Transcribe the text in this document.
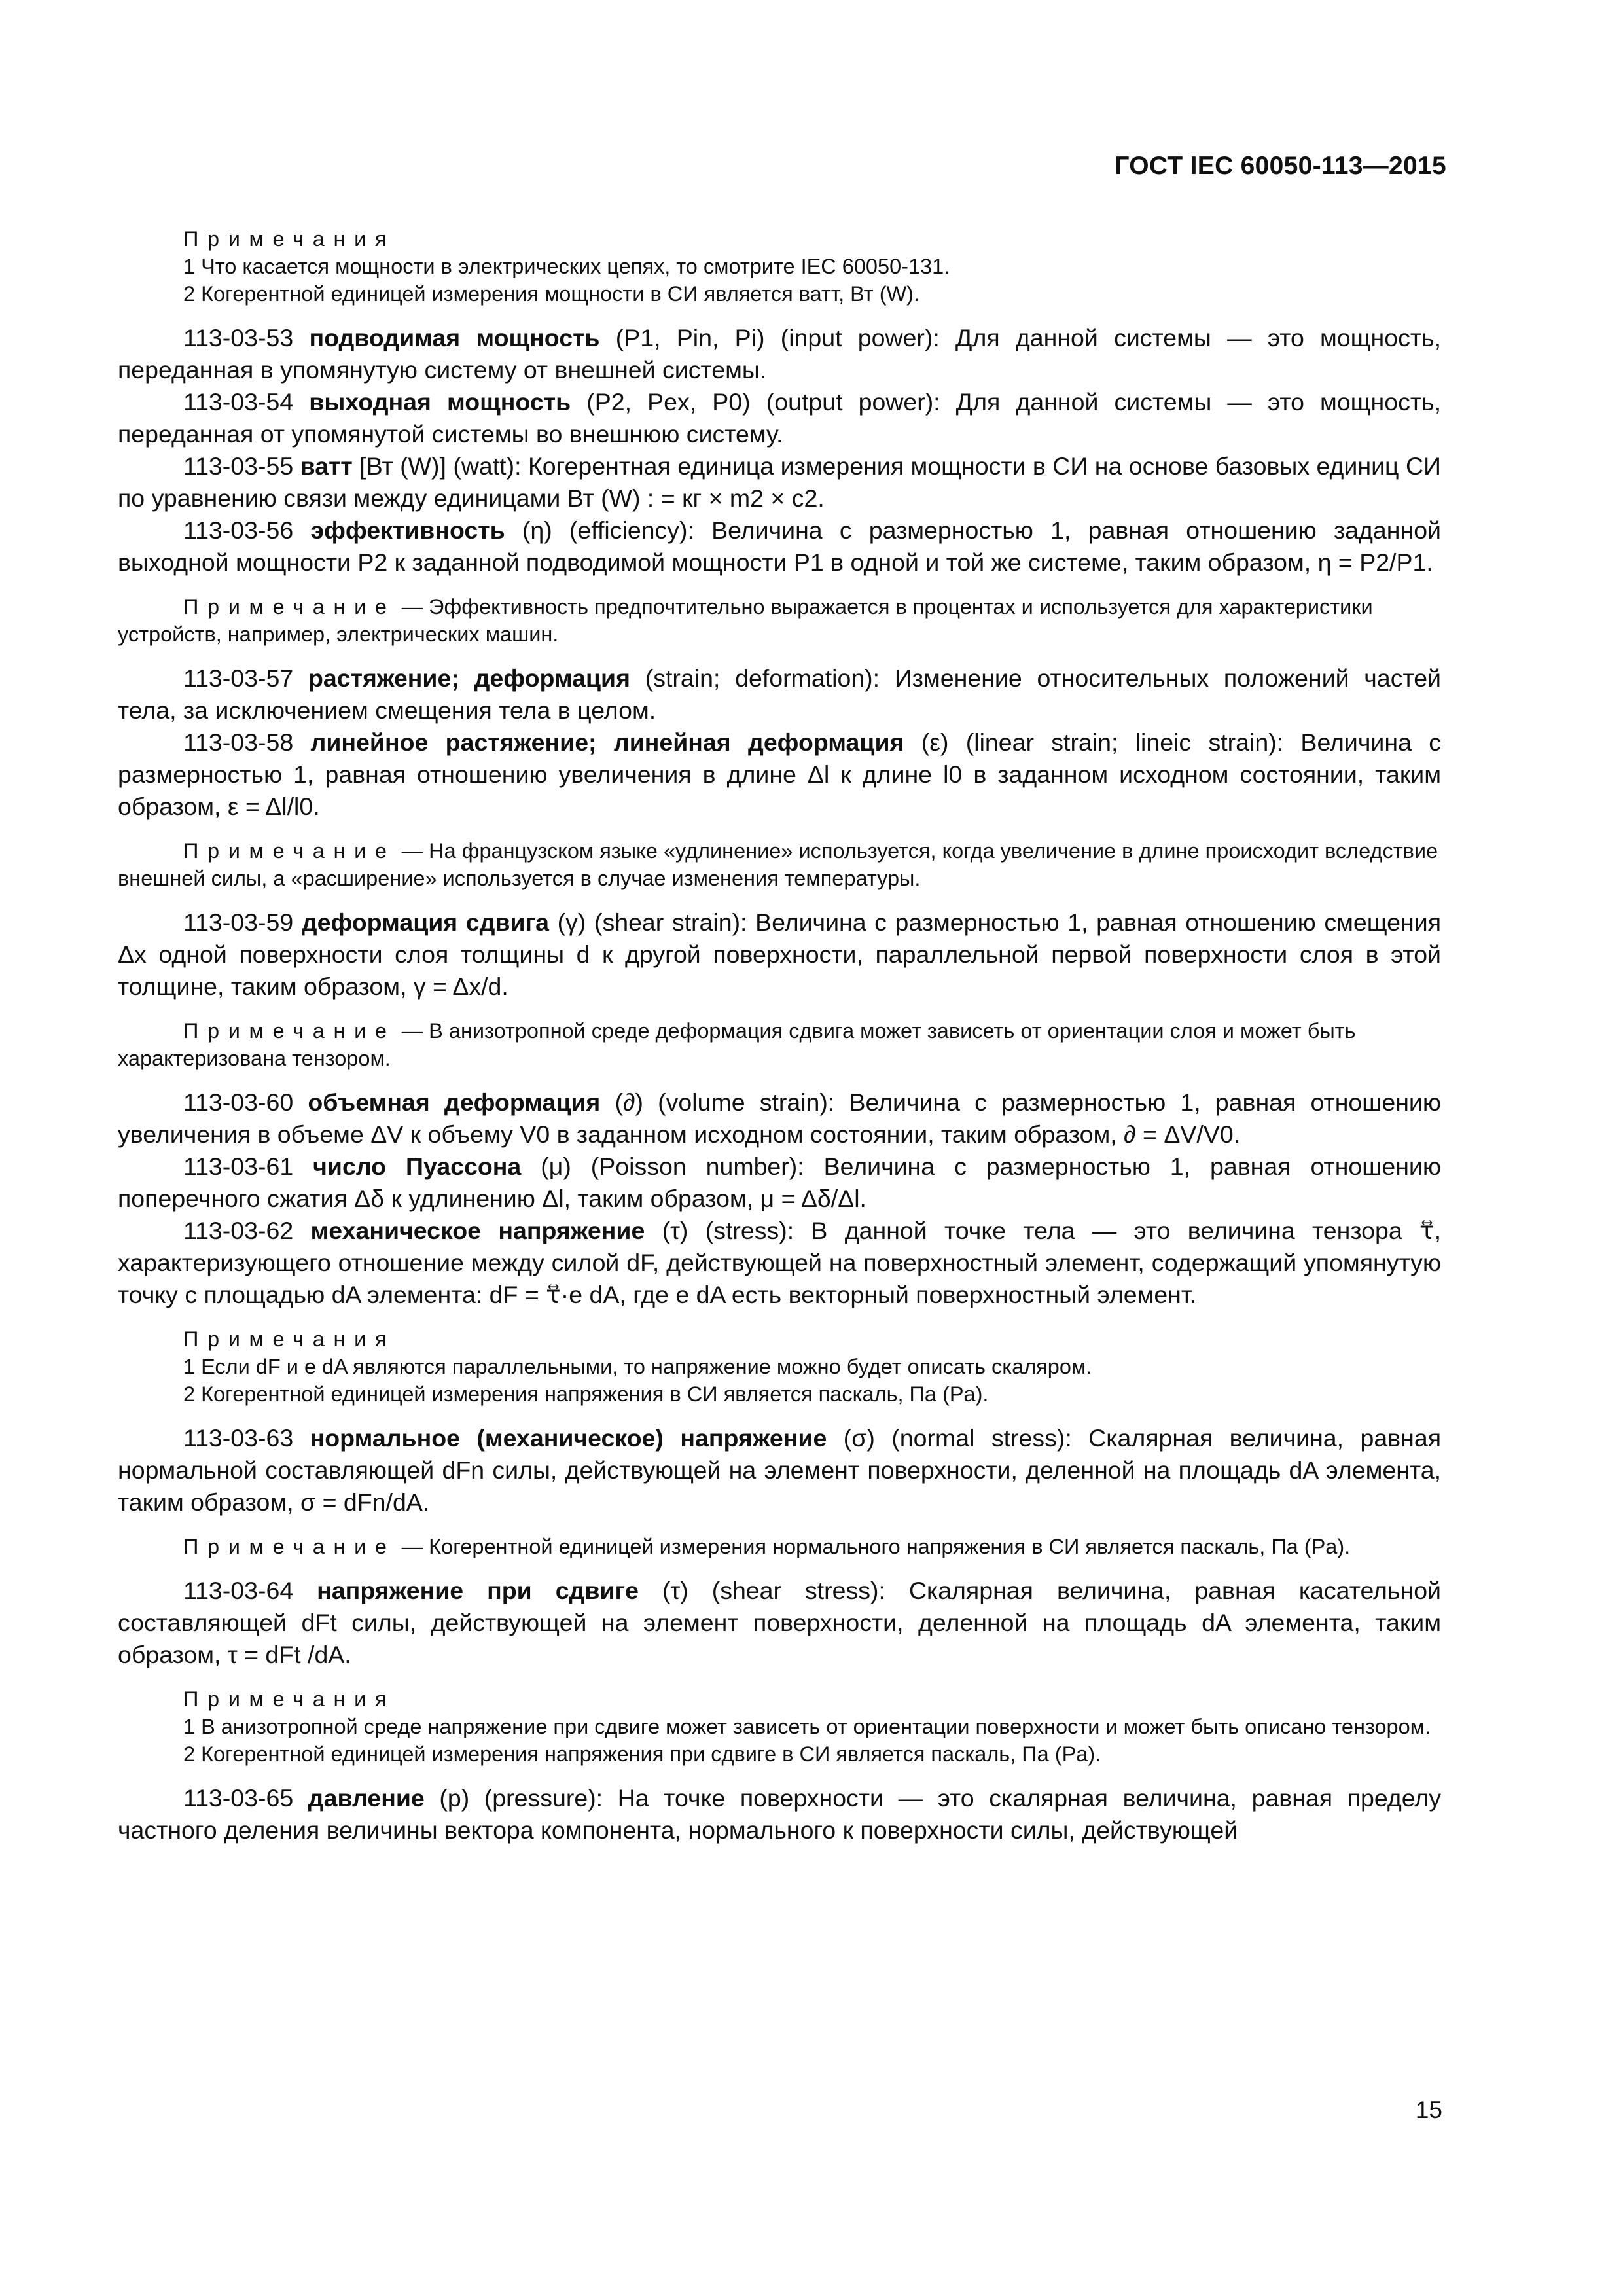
ГОСТ IEC 60050-113—2015
Примечания
1 Что касается мощности в электрических цепях, то смотрите IEC 60050-131.
2 Когерентной единицей измерения мощности в СИ является ватт, Вт (W).

113-03-53 подводимая мощность (P1, Pin, Pi) (input power): Для данной системы — это мощность, переданная в упомянутую систему от внешней системы.

113-03-54 выходная мощность (P2, Pex, P0) (output power): Для данной системы — это мощность, переданная от упомянутой системы во внешнюю систему.

113-03-55 ватт [Вт (W)] (watt): Когерентная единица измерения мощности в СИ на основе базовых единиц СИ по уравнению связи между единицами Вт (W) : = кг × m2 × c2.

113-03-56 эффективность (η) (efficiency): Величина с размерностью 1, равная отношению заданной выходной мощности P2 к заданной подводимой мощности P1 в одной и той же системе, таким образом, η = P2/P1.

Примечание — Эффективность предпочтительно выражается в процентах и используется для характеристики устройств, например, электрических машин.

113-03-57 растяжение; деформация (strain; deformation): Изменение относительных положений частей тела, за исключением смещения тела в целом.

113-03-58 линейное растяжение; линейная деформация (ε) (linear strain; lineic strain): Величина с размерностью 1, равная отношению увеличения в длине Δl к длине l0 в заданном исходном состоянии, таким образом, ε = Δl/l0.

Примечание — На французском языке «удлинение» используется, когда увеличение в длине происходит вследствие внешней силы, а «расширение» используется в случае изменения температуры.

113-03-59 деформация сдвига (γ) (shear strain): Величина с размерностью 1, равная отношению смещения Δx одной поверхности слоя толщины d к другой поверхности, параллельной первой поверхности слоя в этой толщине, таким образом, γ = Δx/d.

Примечание — В анизотропной среде деформация сдвига может зависеть от ориентации слоя и может быть характеризована тензором.

113-03-60 объемная деформация (∂) (volume strain): Величина с размерностью 1, равная отношению увеличения в объеме ΔV к объему V0 в заданном исходном состоянии, таким образом, ∂ = ΔV/V0.

113-03-61 число Пуассона (μ) (Poisson number): Величина с размерностью 1, равная отношению поперечного сжатия Δδ к удлинению Δl, таким образом, μ = Δδ/Δl.

113-03-62 механическое напряжение (τ) (stress): В данной точке тела — это величина тензора τ⃡, характеризующего отношение между силой dF, действующей на поверхностный элемент, содержащий упомянутую точку с площадью dA элемента: dF = τ⃡·e dA, где e dA есть векторный поверхностный элемент.

Примечания
1 Если dF и e dA являются параллельными, то напряжение можно будет описать скаляром.
2 Когерентной единицей измерения напряжения в СИ является паскаль, Па (Pa).

113-03-63 нормальное (механическое) напряжение (σ) (normal stress): Скалярная величина, равная нормальной составляющей dFn силы, действующей на элемент поверхности, деленной на площадь dA элемента, таким образом, σ = dFn/dA.

Примечание — Когерентной единицей измерения нормального напряжения в СИ является паскаль, Па (Pa).

113-03-64 напряжение при сдвиге (τ) (shear stress): Скалярная величина, равная касательной составляющей dFt силы, действующей на элемент поверхности, деленной на площадь dA элемента, таким образом, τ = dFt /dA.

Примечания
1 В анизотропной среде напряжение при сдвиге может зависеть от ориентации поверхности и может быть описано тензором.
2 Когерентной единицей измерения напряжения при сдвиге в СИ является паскаль, Па (Pa).

113-03-65 давление (p) (pressure): На точке поверхности — это скалярная величина, равная пределу частного деления величины вектора компонента, нормального к поверхности силы, действующей

15
